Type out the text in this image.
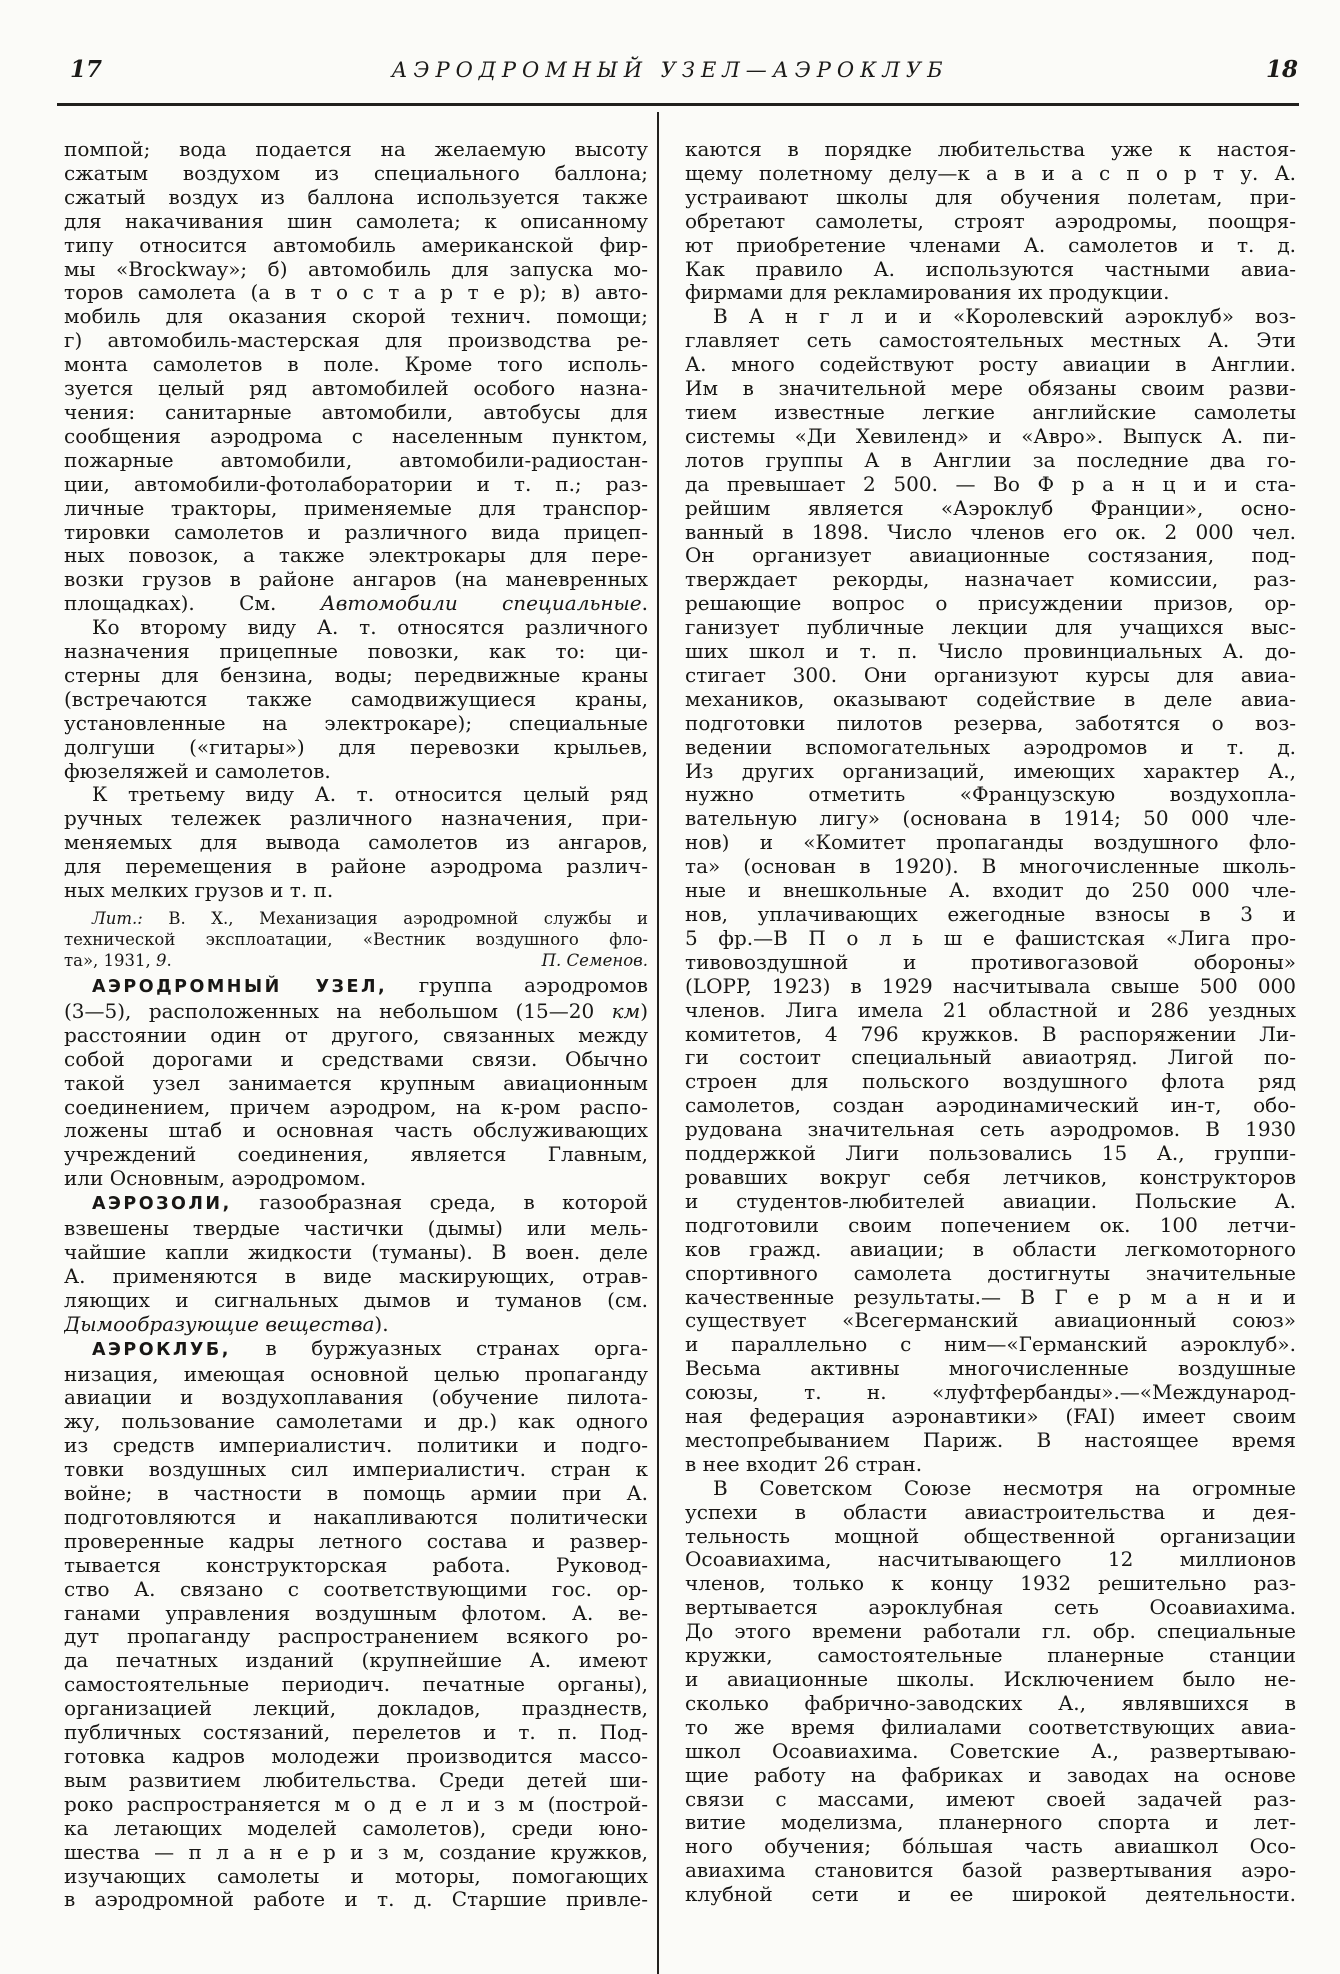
17	АЭРОДРОМНЫЙ УЗЕЛ—АЭРОКЛУБ	18
помпой; вода подается на желаемую высоту
сжатым воздухом из специального баллона;
сжатый воздух из баллона используется также
для накачивания шин самолета; к описанному
типу относится автомобиль американской фир-
мы «Brockway»; б) автомобиль для запуска мо-
торов самолета (а в т о с т а р т е р); в) авто-
мобиль для оказания скорой технич. помощи;
г) автомобиль-мастерская для производства ре-
монта самолетов в поле. Кроме того исполь-
зуется целый ряд автомобилей особого назна-
чения: санитарные автомобили, автобусы для
сообщения аэродрома с населенным пунктом,
пожарные автомобили, автомобили-радиостан-
ции, автомобили-фотолаборатории и т. п.; раз-
личные тракторы, применяемые для транспор-
тировки самолетов и различного вида прицеп-
ных повозок, а также электрокары для пере-
возки грузов в районе ангаров (на маневренных
площадках). См. Автомобили специальные.
Ко второму виду А. т. относятся различного
назначения прицепные повозки, как то: ци-
стерны для бензина, воды; передвижные краны
(встречаются также самодвижущиеся краны,
установленные на электрокаре); специальные
долгуши («гитары») для перевозки крыльев,
фюзеляжей и самолетов.
К третьему виду А. т. относится целый ряд
ручных тележек различного назначения, при-
меняемых для вывода самолетов из ангаров,
для перемещения в районе аэродрома различ-
ных мелких грузов и т. п.
Лит.: В. Х., Механизация аэродромной службы и
технической эксплоатации, «Вестник воздушного фло-
та», 1931, 9.	П. Семенов.
АЭРОДРОМНЫЙ УЗЕЛ, группа аэродромов
(3—5), расположенных на небольшом (15—20 км)
расстоянии один от другого, связанных между
собой дорогами и средствами связи. Обычно
такой узел занимается крупным авиационным
соединением, причем аэродром, на к-ром распо-
ложены штаб и основная часть обслуживающих
учреждений соединения, является Главным,
или Основным, аэродромом.
АЭРОЗОЛИ, газообразная среда, в которой
взвешены твердые частички (дымы) или мель-
чайшие капли жидкости (туманы). В воен. деле
А. применяются в виде маскирующих, отрав-
ляющих и сигнальных дымов и туманов (см.
Дымообразующие вещества).
АЭРОКЛУБ, в буржуазных странах орга-
низация, имеющая основной целью пропаганду
авиации и воздухоплавания (обучение пилота-
жу, пользование самолетами и др.) как одного
из средств империалистич. политики и подго-
товки воздушных сил империалистич. стран к
войне; в частности в помощь армии при А.
подготовляются и накапливаются политически
проверенные кадры летного состава и развер-
тывается конструкторская работа. Руковод-
ство А. связано с соответствующими гос. ор-
ганами управления воздушным флотом. А. ве-
дут пропаганду распространением всякого ро-
да печатных изданий (крупнейшие А. имеют
самостоятельные периодич. печатные органы),
организацией лекций, докладов, празднеств,
публичных состязаний, перелетов и т. п. Под-
готовка кадров молодежи производится массо-
вым развитием любительства. Среди детей ши-
роко распространяется м о д е л и з м (построй-
ка летающих моделей самолетов), среди юно-
шества — п л а н е р и з м, создание кружков,
изучающих самолеты и моторы, помогающих
в аэродромной работе и т. д. Старшие привле-
каются в порядке любительства уже к настоя-
щему полетному делу—к а в и а с п о р т у. А.
устраивают школы для обучения полетам, при-
обретают самолеты, строят аэродромы, поощря-
ют приобретение членами А. самолетов и т. д.
Как правило А. используются частными авиа-
фирмами для рекламирования их продукции.
В А н г л и и «Королевский аэроклуб» воз-
главляет сеть самостоятельных местных А. Эти
А. много содействуют росту авиации в Англии.
Им в значительной мере обязаны своим разви-
тием известные легкие английские самолеты
системы «Ди Хевиленд» и «Авро». Выпуск А. пи-
лотов группы А в Англии за последние два го-
да превышает 2 500. — Во Ф р а н ц и и ста-
рейшим является «Аэроклуб Франции», осно-
ванный в 1898. Число членов его ок. 2 000 чел.
Он организует авиационные состязания, под-
тверждает рекорды, назначает комиссии, раз-
решающие вопрос о присуждении призов, ор-
ганизует публичные лекции для учащихся выс-
ших школ и т. п. Число провинциальных А. до-
стигает 300. Они организуют курсы для авиа-
механиков, оказывают содействие в деле авиа-
подготовки пилотов резерва, заботятся о воз-
ведении вспомогательных аэродромов и т. д.
Из других организаций, имеющих характер А.,
нужно отметить «Французскую воздухопла-
вательную лигу» (основана в 1914; 50 000 чле-
нов) и «Комитет пропаганды воздушного фло-
та» (основан в 1920). В многочисленные школь-
ные и внешкольные А. входит до 250 000 чле-
нов, уплачивающих ежегодные взносы в 3 и
5 фр.—В П о л ь ш е фашистская «Лига про-
тивовоздушной и противогазовой обороны»
(LOPP, 1923) в 1929 насчитывала свыше 500 000
членов. Лига имела 21 областной и 286 уездных
комитетов, 4 796 кружков. В распоряжении Ли-
ги состоит специальный авиаотряд. Лигой по-
строен для польского воздушного флота ряд
самолетов, создан аэродинамический ин-т, обо-
рудована значительная сеть аэродромов. В 1930
поддержкой Лиги пользовались 15 А., группи-
ровавших вокруг себя летчиков, конструкторов
и студентов-любителей авиации. Польские А.
подготовили своим попечением ок. 100 летчи-
ков гражд. авиации; в области легкомоторного
спортивного самолета достигнуты значительные
качественные результаты.— В Г е р м а н и и
существует «Всегерманский авиационный союз»
и параллельно с ним—«Германский аэроклуб».
Весьма активны многочисленные воздушные
союзы, т. н. «луфтфербанды».—«Международ-
ная федерация аэронавтики» (FAI) имеет своим
местопребыванием Париж. В настоящее время
в нее входит 26 стран.
В Советском Союзе несмотря на огромные
успехи в области авиастроительства и дея-
тельность мощной общественной организации
Осоавиахима, насчитывающего 12 миллионов
членов, только к концу 1932 решительно раз-
вертывается аэроклубная сеть Осоавиахима.
До этого времени работали гл. обр. специальные
кружки, самостоятельные планерные станции
и авиационные школы. Исключением было не-
сколько фабрично-заводских А., являвшихся в
то же время филиалами соответствующих авиа-
школ Осоавиахима. Советские А., развертываю-
щие работу на фабриках и заводах на основе
связи с массами, имеют своей задачей раз-
витие моделизма, планерного спорта и лет-
ного обучения; бо́льшая часть авиашкол Осо-
авиахима становится базой развертывания аэро-
клубной сети и ее широкой деятельности.
